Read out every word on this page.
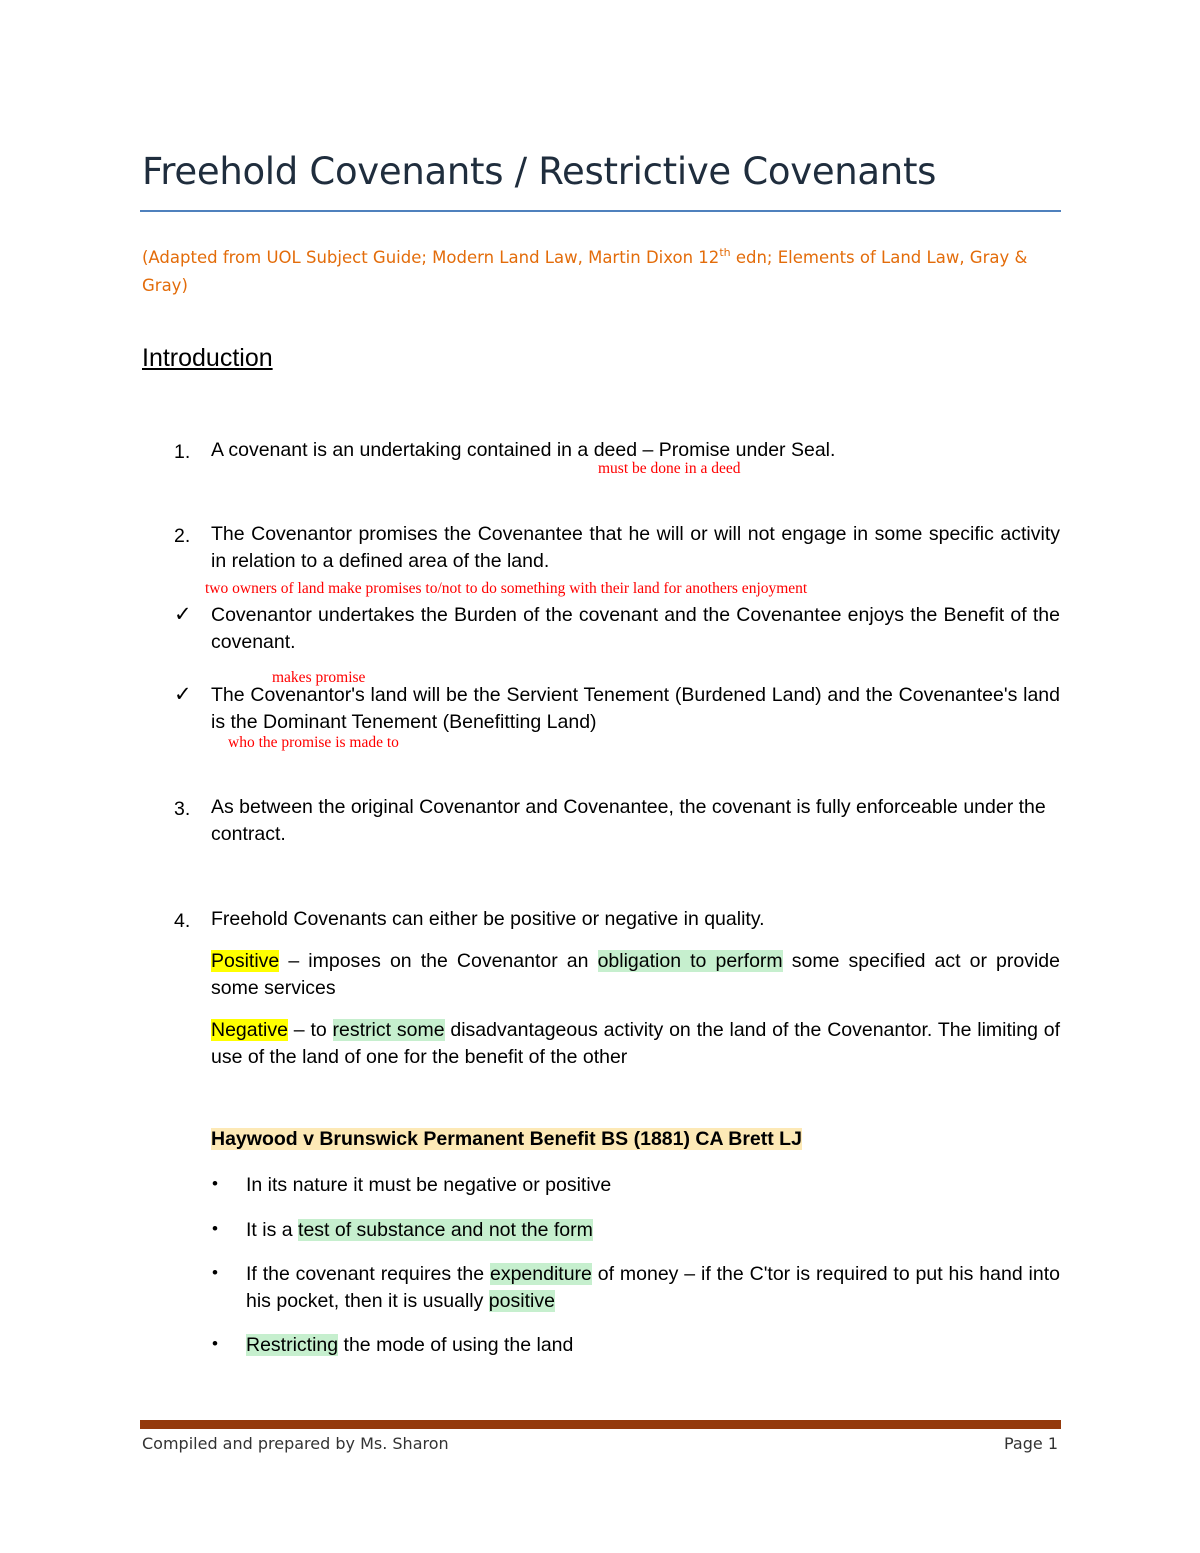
Freehold Covenants / Restrictive Covenants
(Adapted from UOL Subject Guide; Modern Land Law, Martin Dixon 12th edn; Elements of Land Law, Gray & Gray)
Introduction
1. A covenant is an undertaking contained in a deed – Promise under Seal.
must be done in a deed
2. The Covenantor promises the Covenantee that he will or will not engage in some specific activity in relation to a defined area of the land.
two owners of land make promises to/not to do something with their land for anothers enjoyment
✓ Covenantor undertakes the Burden of the covenant and the Covenantee enjoys the Benefit of the covenant.
makes promise
✓ The Covenantor's land will be the Servient Tenement (Burdened Land) and the Covenantee's land is the Dominant Tenement (Benefitting Land)
who the promise is made to
3. As between the original Covenantor and Covenantee, the covenant is fully enforceable under the contract.
4. Freehold Covenants can either be positive or negative in quality.
Positive – imposes on the Covenantor an obligation to perform some specified act or provide some services
Negative – to restrict some disadvantageous activity on the land of the Covenantor. The limiting of use of the land of one for the benefit of the other
Haywood v Brunswick Permanent Benefit BS (1881) CA Brett LJ
• In its nature it must be negative or positive
• It is a test of substance and not the form
• If the covenant requires the expenditure of money – if the C'tor is required to put his hand into his pocket, then it is usually positive
• Restricting the mode of using the land
Compiled and prepared by Ms. Sharon	Page 1
